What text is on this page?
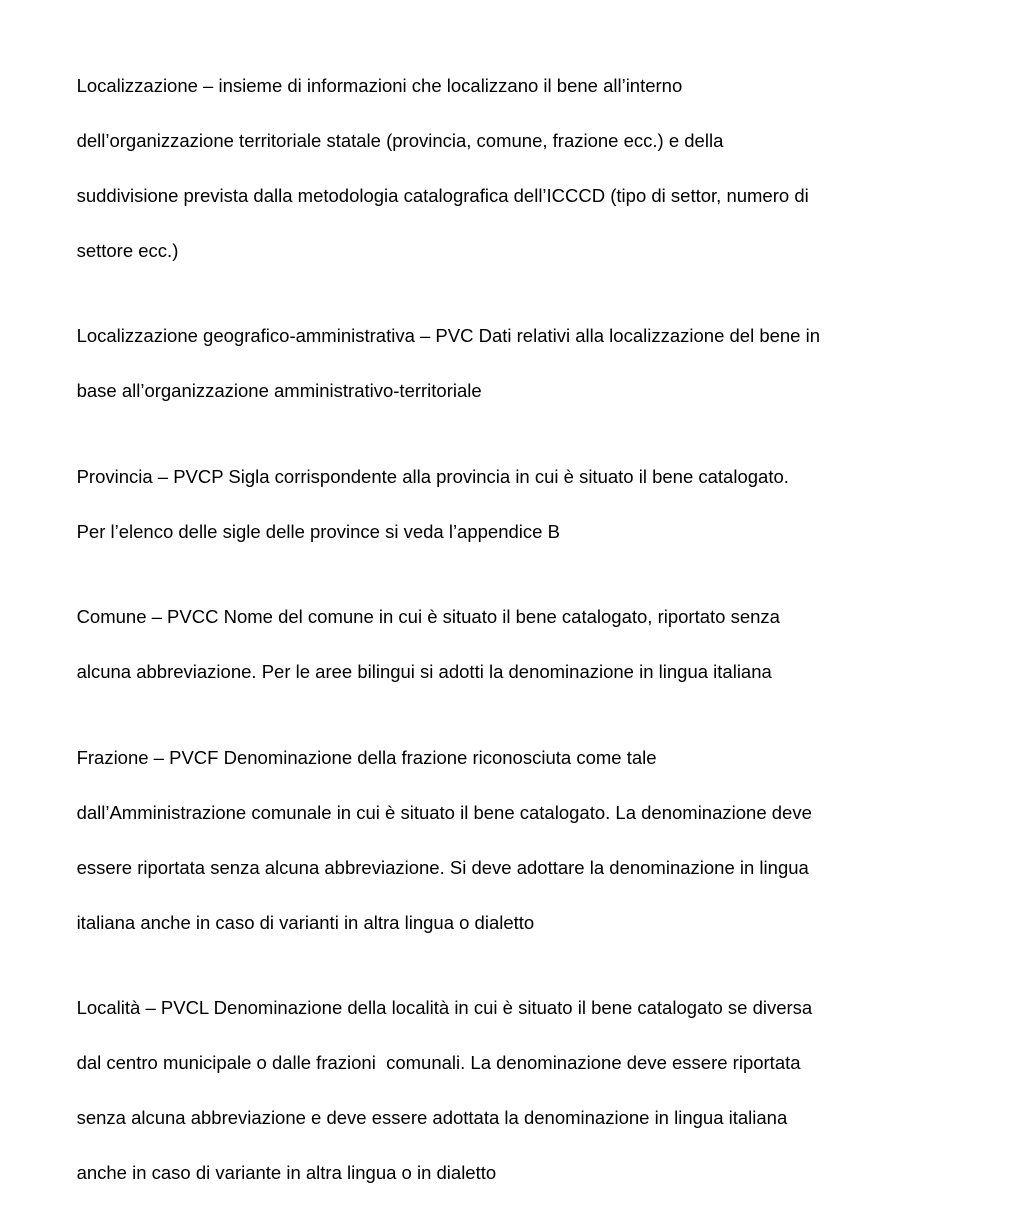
Localizzazione – insieme di informazioni che localizzano il bene all’interno

dell’organizzazione territoriale statale (provincia, comune, frazione ecc.) e della

suddivisione prevista dalla metodologia catalografica dell’ICCCD (tipo di settor, numero di

settore ecc.)

Localizzazione geografico-amministrativa – PVC Dati relativi alla localizzazione del bene in

base all’organizzazione amministrativo-territoriale

Provincia – PVCP Sigla corrispondente alla provincia in cui è situato il bene catalogato.

Per l’elenco delle sigle delle province si veda l’appendice B

Comune – PVCC Nome del comune in cui è situato il bene catalogato, riportato senza

alcuna abbreviazione. Per le aree bilingui si adotti la denominazione in lingua italiana

Frazione – PVCF Denominazione della frazione riconosciuta come tale

dall’Amministrazione comunale in cui è situato il bene catalogato. La denominazione deve

essere riportata senza alcuna abbreviazione. Si deve adottare la denominazione in lingua

italiana anche in caso di varianti in altra lingua o dialetto

Località – PVCL Denominazione della località in cui è situato il bene catalogato se diversa

dal centro municipale o dalle frazioni  comunali. La denominazione deve essere riportata

senza alcuna abbreviazione e deve essere adottata la denominazione in lingua italiana

anche in caso di variante in altra lingua o in dialetto
